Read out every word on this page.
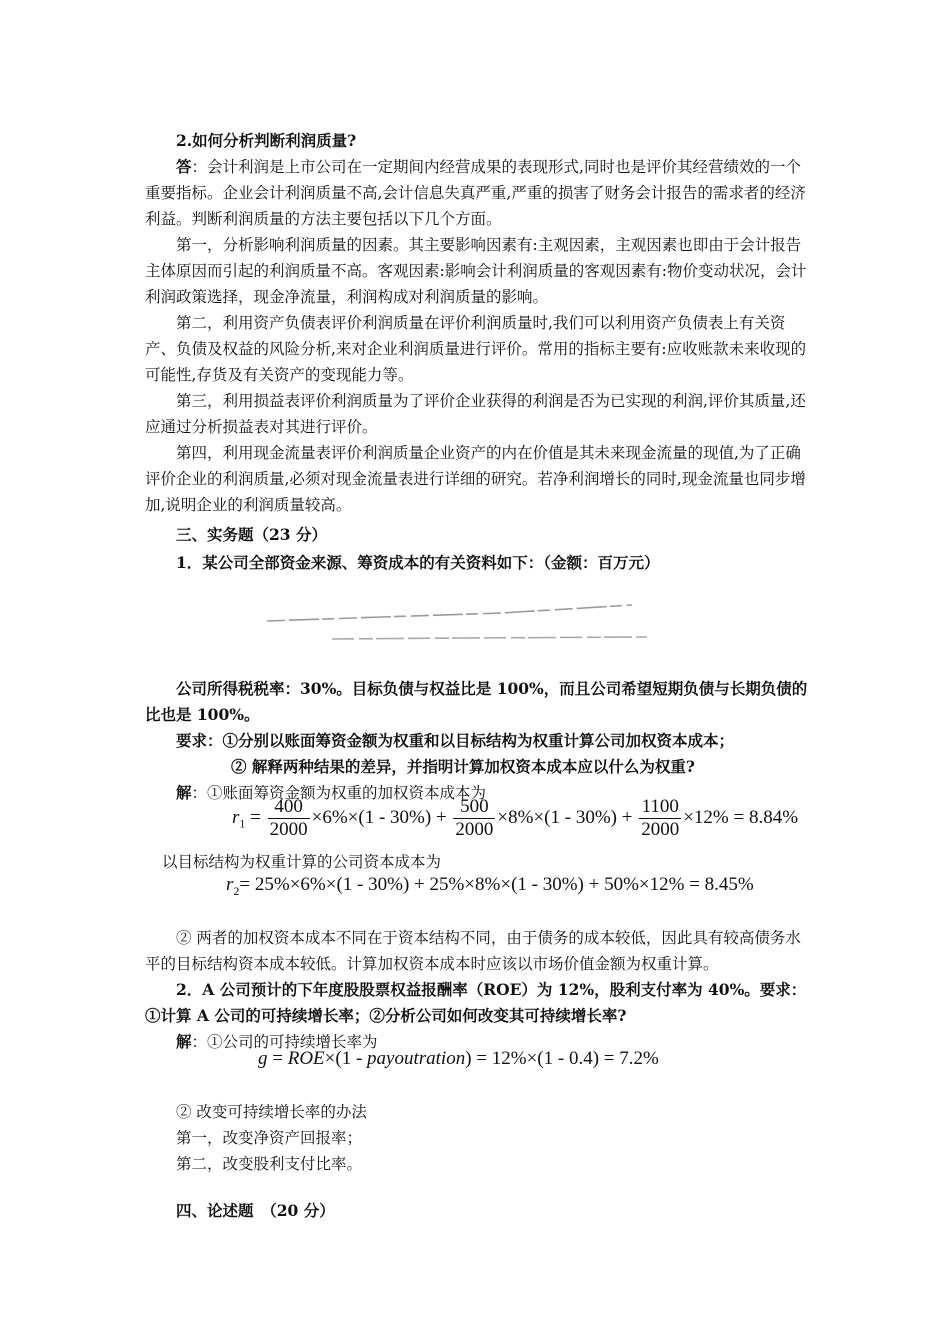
2.如何分析判断利润质量?

答：会计利润是上市公司在一定期间内经营成果的表现形式,同时也是评价其经营绩效的一个重要指标。企业会计利润质量不高,会计信息失真严重,严重的损害了财务会计报告的需求者的经济利益。判断利润质量的方法主要包括以下几个方面。

第一，分析影响利润质量的因素。其主要影响因素有:主观因素，主观因素也即由于会计报告主体原因而引起的利润质量不高。客观因素:影响会计利润质量的客观因素有:物价变动状况，会计利润政策选择，现金净流量，利润构成对利润质量的影响。

第二，利用资产负债表评价利润质量在评价利润质量时,我们可以利用资产负债表上有关资产、负债及权益的风险分析,来对企业利润质量进行评价。常用的指标主要有:应收账款未来收现的可能性,存货及有关资产的变现能力等。

第三，利用损益表评价利润质量为了评价企业获得的利润是否为已实现的利润,评价其质量,还应通过分析损益表对其进行评价。

第四，利用现金流量表评价利润质量企业资产的内在价值是其未来现金流量的现值,为了正确评价企业的利润质量,必须对现金流量表进行详细的研究。若净利润增长的同时,现金流量也同步增加,说明企业的利润质量较高。

三、实务题（23 分）
1．某公司全部资金来源、筹资成本的有关资料如下：（金额：百万元）

公司所得税税率：30%。目标负债与权益比是 100%，而且公司希望短期负债与长期负债的比也是 100%。

要求：①分别以账面筹资金额为权重和以目标结构为权重计算公司加权资本成本；
② 解释两种结果的差异，并指明计算加权资本成本应以什么为权重?
解：①账面筹资金额为权重的加权资本成本为
$r_1 = \frac{400}{2000} \times 6\%\times(1 - 30\%) + \frac{500}{2000} \times 8\%\times(1 - 30\%) + \frac{1100}{2000} \times 12\% = 8.84\%$
以目标结构为权重计算的公司资本成本为
$r_2= 25\%\times 6\%\times(1 - 30\%) + 25\%\times 8\%\times(1 - 30\%) + 50\%\times 12\% = 8.45\%$

② 两者的加权资本成本不同在于资本结构不同，由于债务的成本较低，因此具有较高债务水平的目标结构资本成本较低。计算加权资本成本时应该以市场价值金额为权重计算。

2．A 公司预计的下年度股股票权益报酬率（ROE）为 12%，股利支付率为 40%。要求：①计算 A 公司的可持续增长率；②分析公司如何改变其可持续增长率?

解：①公司的可持续增长率为
g = ROE×(1 - payoutration) = 12%×(1 - 0.4) = 7.2%
② 改变可持续增长率的办法
第一，改变净资产回报率；
第二，改变股利支付比率。
四、论述题　（20 分）
